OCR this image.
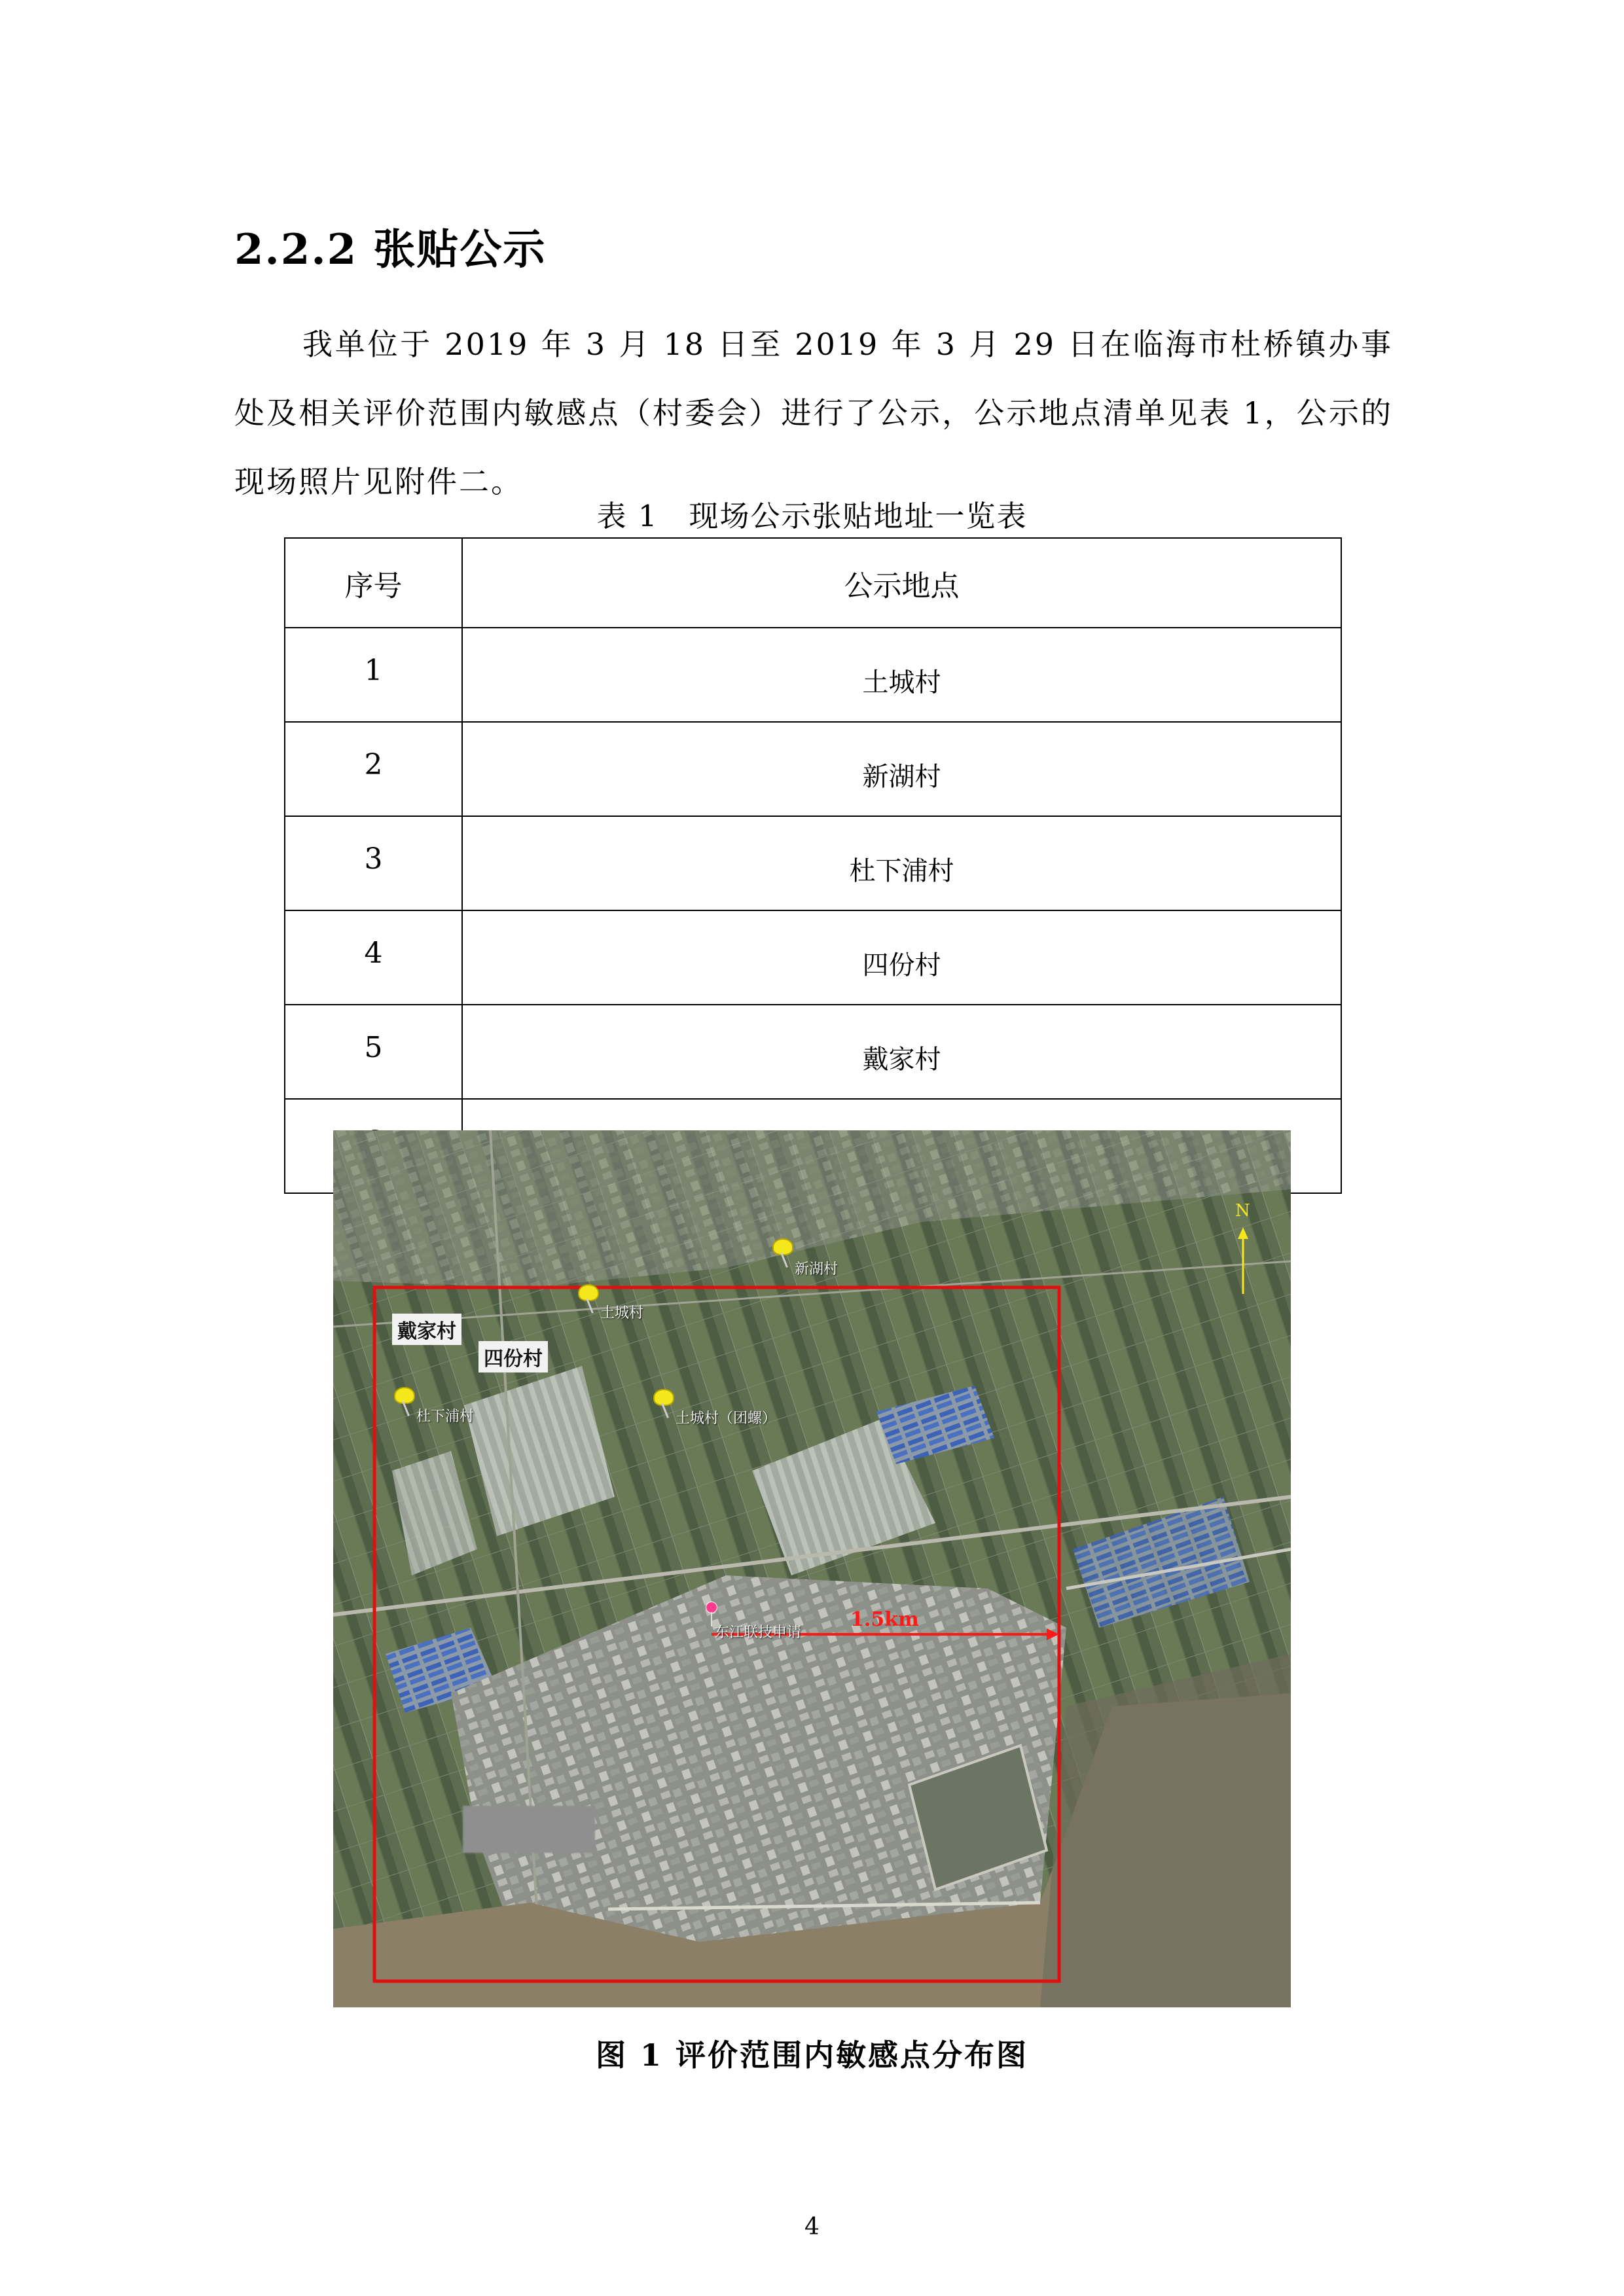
2.2.2 张贴公示

我单位于 2019 年 3 月 18 日至 2019 年 3 月 29 日在临海市杜桥镇办事处及相关评价范围内敏感点（村委会）进行了公示，公示地点清单见表 1，公示的现场照片见附件二。

表 1　现场公示张贴地址一览表
序号	公示地点
1	土城村
2	新湖村
3	杜下浦村
4	四份村
5	戴家村

N
新湖村
土城村
戴家村
四份村
杜下浦村	土城村（团螺）
东江联技申请
1.5km
图 1 评价范围内敏感点分布图
4
